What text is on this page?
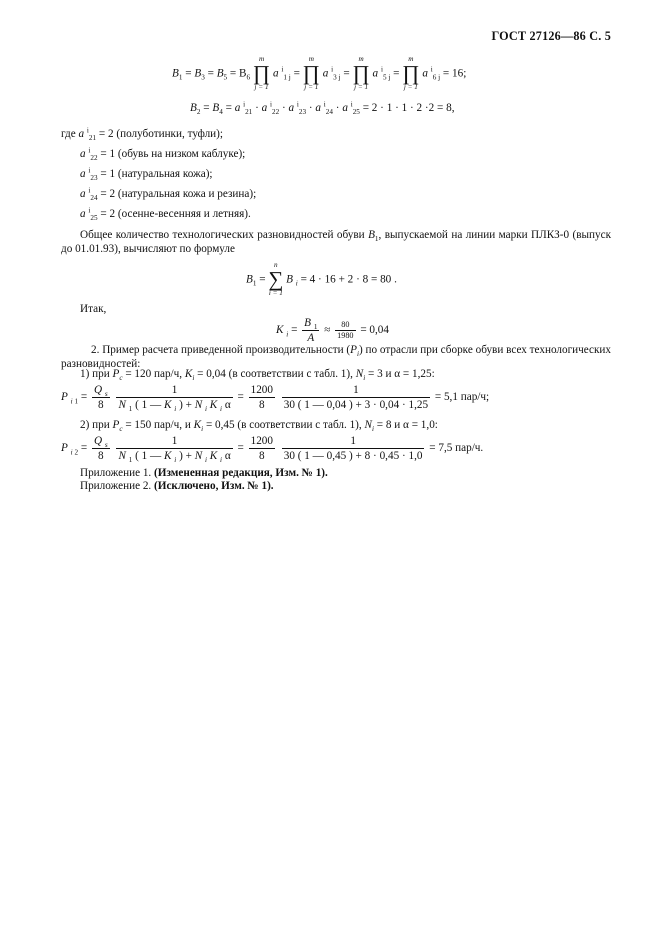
ГОСТ 27126—86 С. 5
$B_1 = B_3 = B_5 = B_6$
m
∏
j = 1
a $^i_{1 j}$ =
m
∏
j = 1
a $^i_{3 j}$ =
m
∏
j = 1
a $^i_{5 j}$ =
m
∏
j = 1
a $^i_{6 j}$ = 16;
$B_2 = B_4 = a$ $^i_{21}$ · a $^i_{22}$ · a $^i_{23}$ · a $^i_{24}$ · a $^i_{25}$ = 2 · 1 · 1 · 2 ·2 = 8,
где a $^i_{21}$ = 2 (полуботинки, туфли);
a $^i_{22}$ = 1 (обувь на низком каблуке);
a $^i_{23}$ = 1 (натуральная кожа);
a $^i_{24}$ = 2 (натуральная кожа и резина);
a $^i_{25}$ = 2 (осенне-весенняя и летняя).
Общее количество технологических разновидностей обуви $B_1$, выпускаемой на линии марки ПЛКЗ-0 (выпуск до 01.01.93), вычисляют по формуле
$B_1$ =
n
∑
i = 1
B $_i$ = 4 · 16 + 2 · 8 = 80 .
Итак,
K $_i = \frac{B _1}{A} \approx \frac{80}{1980} = 0,04$
2. Пример расчета приведенной производительности $(P_i)$ по отрасли при сборке обуви всех технологических разновидностей:
1) при $P_c = 120$ пар/ч, $K_i = 0,04$ (в соответствии с табл. 1), $N_i = 3$ и α = 1,25:
P $_{i 1} = \frac{Q _s}{8}$
$\frac{1}{N _1 ( 1 — K _i ) + N _i K _i \alpha} = \frac{1200}{8}$
$\frac{1}{30 ( 1 — 0,04 ) + 3 \cdot 0,04 \cdot 1,25} = 5,1$ пар/ч;
2) при $P_c = 150$ пар/ч, и $K_i = 0,45$ (в соответствии с табл. 1), $N_i = 8$ и α = 1,0:
P $_{i 2} = \frac{Q _s}{8}$
$\frac{1}{N _1 ( 1 — K _i ) + N _i K _i \alpha} = \frac{1200}{8}$
$\frac{1}{30 ( 1 — 0,45 ) + 8 \cdot 0,45 \cdot 1,0} = 7,5$ пар/ч.
Приложение 1. (Измененная редакция, Изм. № 1).
Приложение 2. (Исключено, Изм. № 1).
